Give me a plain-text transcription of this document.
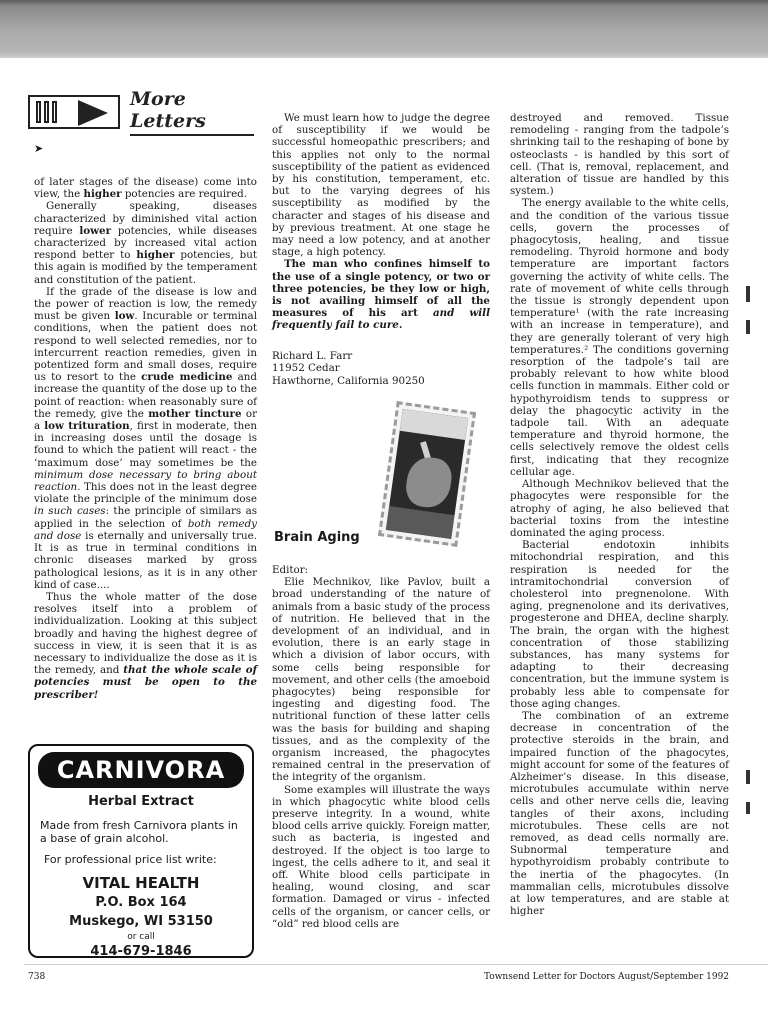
More Letters
➤

of later stages of the disease) come into view, the higher potencies are required.

Generally speaking, diseases characterized by diminished vital action require lower potencies, while diseases characterized by increased vital action respond better to higher potencies, but this again is modified by the temperament and constitution of the patient.

If the grade of the disease is low and the power of reaction is low, the remedy must be given low. Incurable or terminal conditions, when the patient does not respond to well selected remedies, nor to intercurrent reaction remedies, given in potentized form and small doses, require us to resort to the crude medicine and increase the quantity of the dose up to the point of reaction: when reasonably sure of the remedy, give the mother tincture or a low trituration, first in moderate, then in increasing doses until the dosage is found to which the patient will react - the ‘maximum dose’ may sometimes be the minimum dose necessary to bring about reaction. This does not in the least degree violate the principle of the minimum dose in such cases: the principle of similars as applied in the selection of both remedy and dose is eternally and universally true. It is as true in terminal conditions in chronic diseases marked by gross pathological lesions, as it is in any other kind of case....

Thus the whole matter of the dose resolves itself into a problem of individualization. Looking at this subject broadly and having the highest degree of success in view, it is seen that it is as necessary to individualize the dose as it is the remedy, and that the whole scale of potencies must be open to the prescriber!

We must learn how to judge the degree of susceptibility if we would be successful homeopathic prescribers; and this applies not only to the normal susceptibility of the patient as evidenced by his constitution, temperament, etc. but to the varying degrees of his susceptibility as modified by the character and stages of his disease and by previous treatment. At one stage he may need a low potency, and at another stage, a high potency.

The man who confines himself to the use of a single potency, or two or three potencies, be they low or high, is not availing himself of all the measures of his art and will frequently fail to cure.

Richard L. Farr
11952 Cedar
Hawthorne, California 90250
Brain Aging

Editor:

Elie Mechnikov, like Pavlov, built a broad understanding of the nature of animals from a basic study of the process of nutrition. He believed that in the development of an individual, and in evolution, there is an early stage in which a division of labor occurs, with some cells being responsible for movement, and other cells (the amoeboid phagocytes) being responsible for ingesting and digesting food. The nutritional function of these latter cells was the basis for building and shaping tissues, and as the complexity of the organism increased, the phagocytes remained central in the preservation of the integrity of the organism.

Some examples will illustrate the ways in which phagocytic white blood cells preserve integrity. In a wound, white blood cells arrive quickly. Foreign matter, such as bacteria, is ingested and destroyed. If the object is too large to ingest, the cells adhere to it, and seal it off. White blood cells participate in healing, wound closing, and scar formation. Damaged or virus - infected cells of the organism, or cancer cells, or “old” red blood cells are

destroyed and removed. Tissue remodeling - ranging from the tadpole’s shrinking tail to the reshaping of bone by osteoclasts - is handled by this sort of cell. (That is, removal, replacement, and alteration of tissue are handled by this system.)

The energy available to the white cells, and the condition of the various tissue cells, govern the processes of phagocytosis, healing, and tissue remodeling. Thyroid hormone and body temperature are important factors governing the activity of white cells. The rate of movement of white cells through the tissue is strongly dependent upon temperature¹ (with the rate increasing with an increase in temperature), and they are generally tolerant of very high temperatures.² The conditions governing resorption of the tadpole’s tail are probably relevant to how white blood cells function in mammals. Either cold or hypothyroidism tends to suppress or delay the phagocytic activity in the tadpole tail. With an adequate temperature and thyroid hormone, the cells selectively remove the oldest cells first, indicating that they recognize cellular age.

Although Mechnikov believed that the phagocytes were responsible for the atrophy of aging, he also believed that bacterial toxins from the intestine dominated the aging process.

Bacterial endotoxin inhibits mitochondrial respiration, and this respiration is needed for the intramitochondrial conversion of cholesterol into pregnenolone. With aging, pregnenolone and its derivatives, progesterone and DHEA, decline sharply. The brain, the organ with the highest concentration of those stabilizing substances, has many systems for adapting to their decreasing concentration, but the immune system is probably less able to compensate for those aging changes.

The combination of an extreme decrease in concentration of the protective steroids in the brain, and impaired function of the phagocytes, might account for some of the features of Alzheimer’s disease. In this disease, microtubules accumulate within nerve cells and other nerve cells die, leaving tangles of their axons, including microtubules. These cells are not removed, as dead cells normally are. Subnormal temperature and hypothyroidism probably contribute to the inertia of the phagocytes. (In mammalian cells, microtubules dissolve at low temperatures, and are stable at higher

CARNIVORA
Herbal Extract
Made from fresh Carnivora plants in a base of grain alcohol.
For professional price list write:
VITAL HEALTH
P.O. Box 164
Muskego, WI 53150
or call
414-679-1846
738	Townsend Letter for Doctors August/September 1992
